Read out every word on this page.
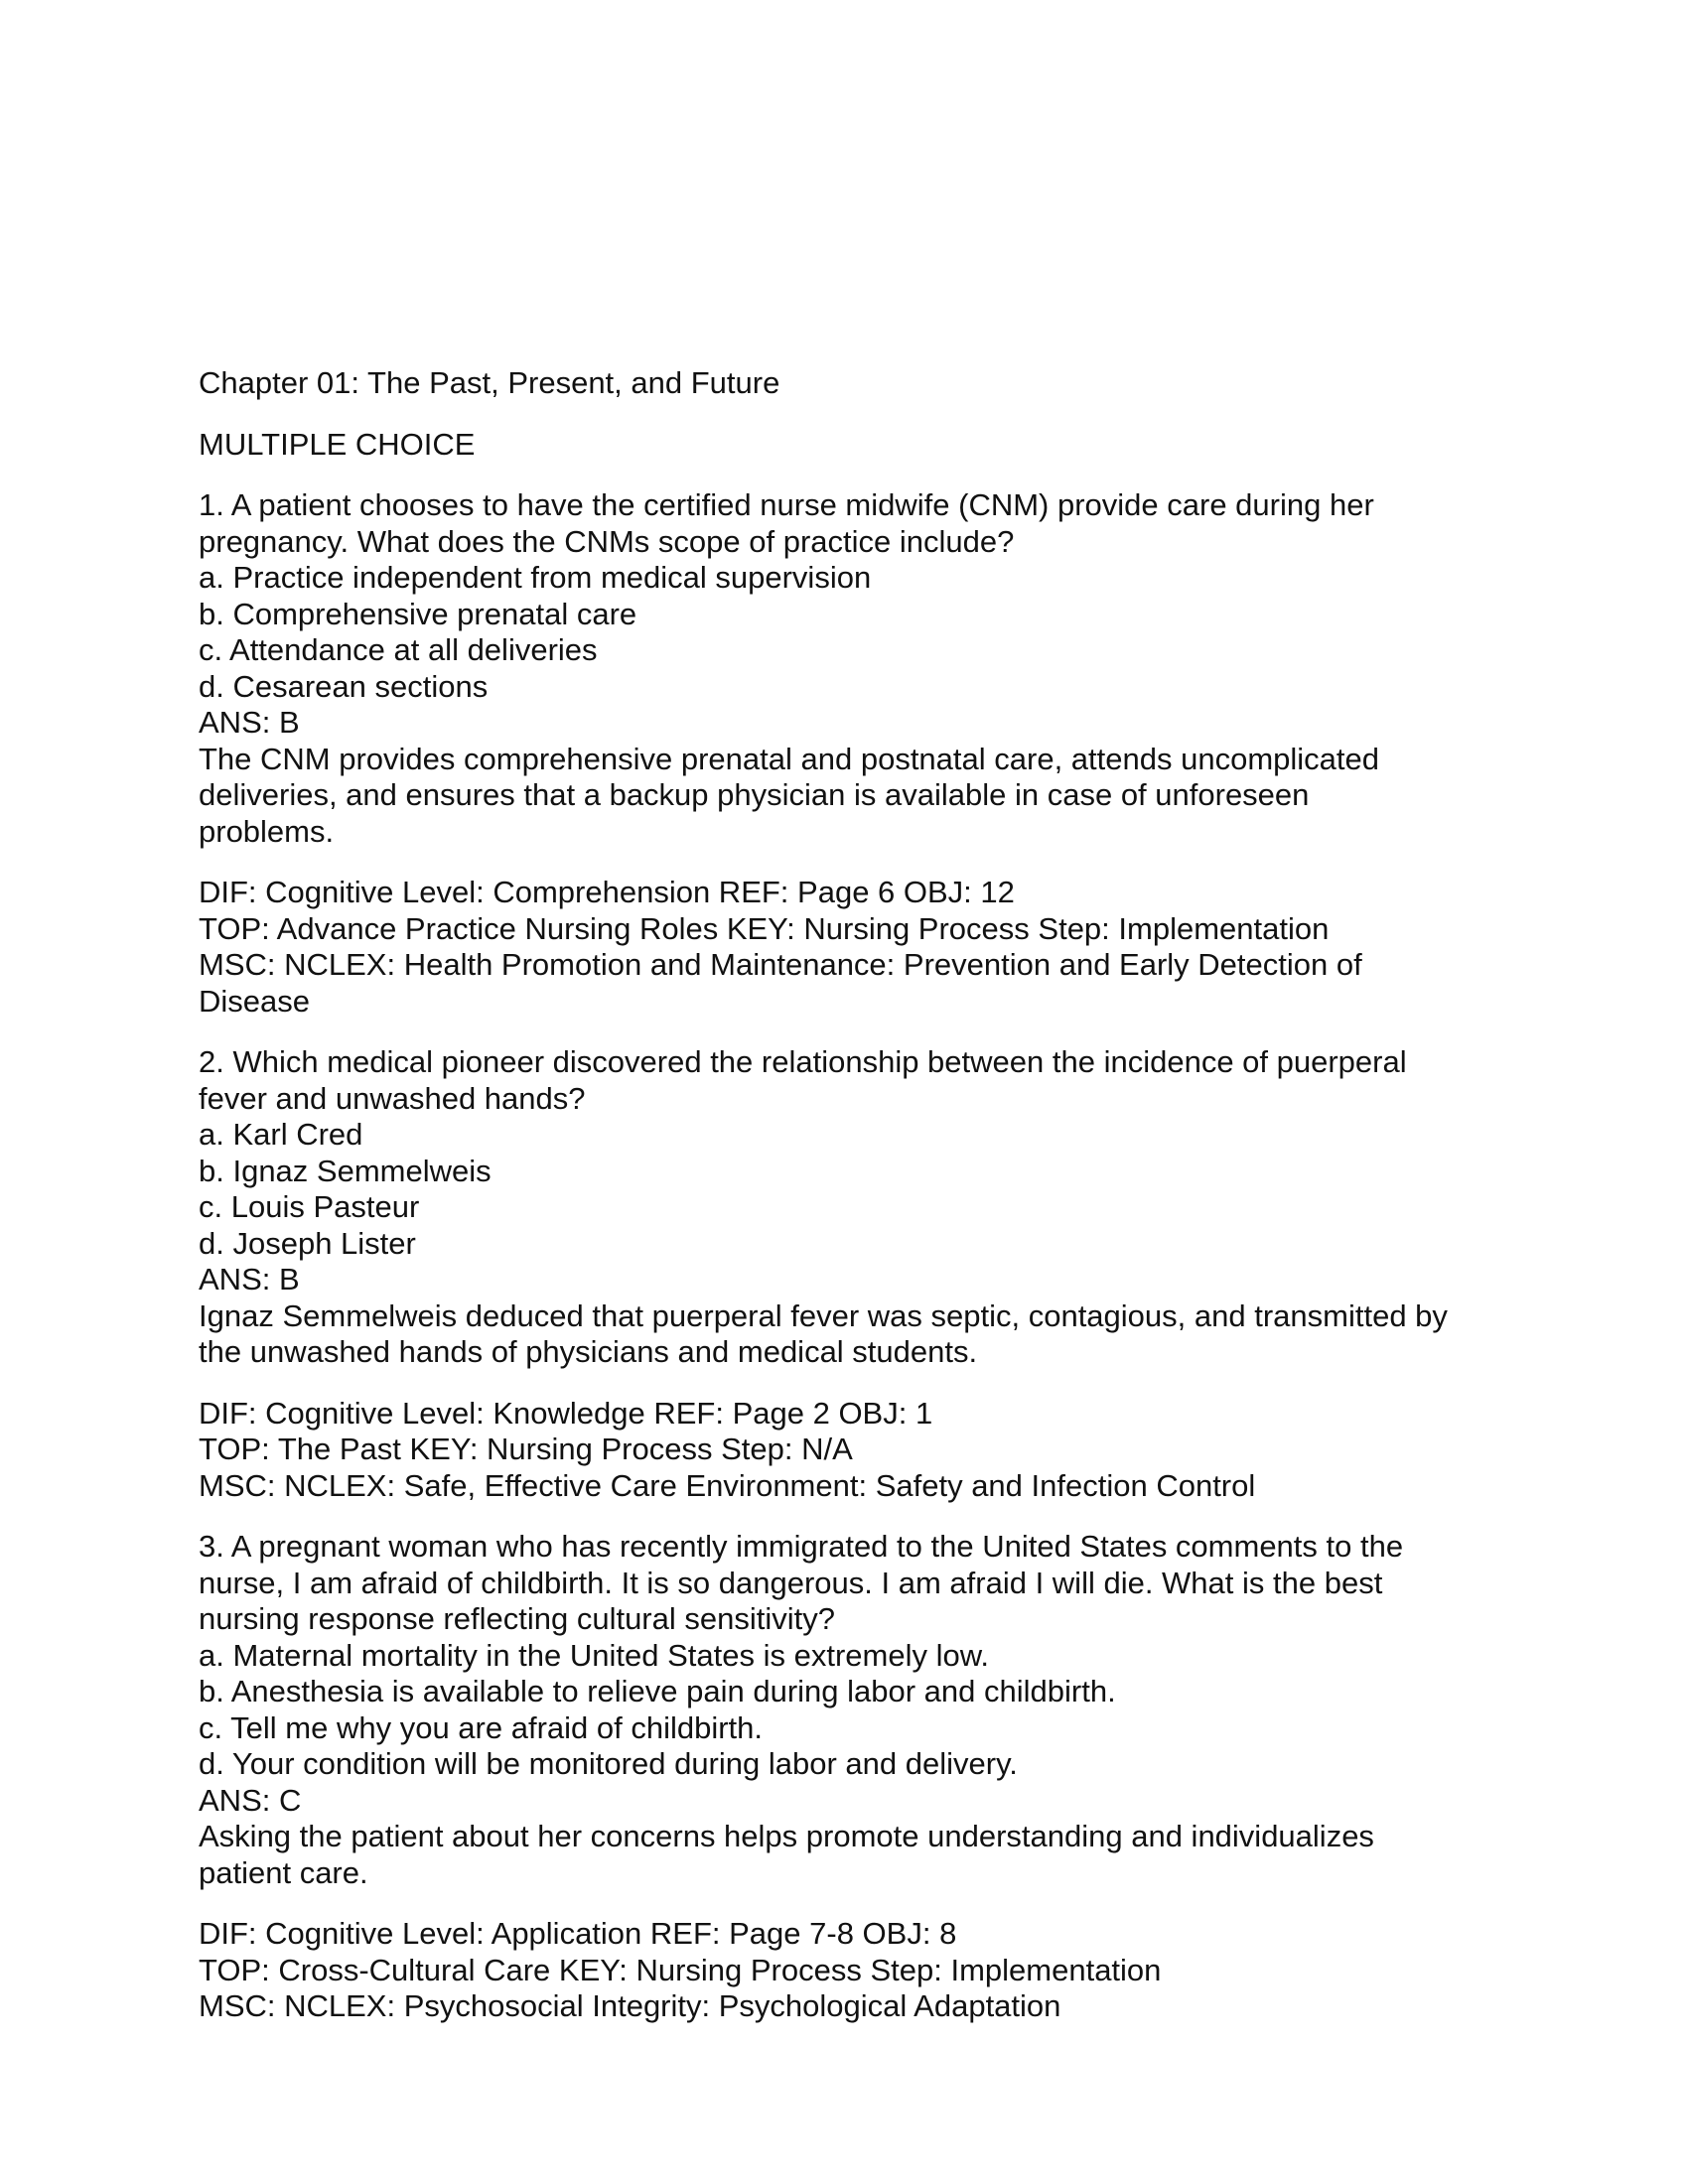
Chapter 01: The Past, Present, and Future
MULTIPLE CHOICE
1. A patient chooses to have the certified nurse midwife (CNM) provide care during her
pregnancy. What does the CNMs scope of practice include?
a. Practice independent from medical supervision
b. Comprehensive prenatal care
c. Attendance at all deliveries
d. Cesarean sections
ANS: B
The CNM provides comprehensive prenatal and postnatal care, attends uncomplicated
deliveries, and ensures that a backup physician is available in case of unforeseen
problems.
DIF: Cognitive Level: Comprehension REF: Page 6 OBJ: 12
TOP: Advance Practice Nursing Roles KEY: Nursing Process Step: Implementation
MSC: NCLEX: Health Promotion and Maintenance: Prevention and Early Detection of
Disease
2. Which medical pioneer discovered the relationship between the incidence of puerperal
fever and unwashed hands?
a. Karl Cred
b. Ignaz Semmelweis
c. Louis Pasteur
d. Joseph Lister
ANS: B
Ignaz Semmelweis deduced that puerperal fever was septic, contagious, and transmitted by
the unwashed hands of physicians and medical students.
DIF: Cognitive Level: Knowledge REF: Page 2 OBJ: 1
TOP: The Past KEY: Nursing Process Step: N/A
MSC: NCLEX: Safe, Effective Care Environment: Safety and Infection Control
3. A pregnant woman who has recently immigrated to the United States comments to the
nurse, I am afraid of childbirth. It is so dangerous. I am afraid I will die. What is the best
nursing response reflecting cultural sensitivity?
a. Maternal mortality in the United States is extremely low.
b. Anesthesia is available to relieve pain during labor and childbirth.
c. Tell me why you are afraid of childbirth.
d. Your condition will be monitored during labor and delivery.
ANS: C
Asking the patient about her concerns helps promote understanding and individualizes
patient care.
DIF: Cognitive Level: Application REF: Page 7-8 OBJ: 8
TOP: Cross-Cultural Care KEY: Nursing Process Step: Implementation
MSC: NCLEX: Psychosocial Integrity: Psychological Adaptation
